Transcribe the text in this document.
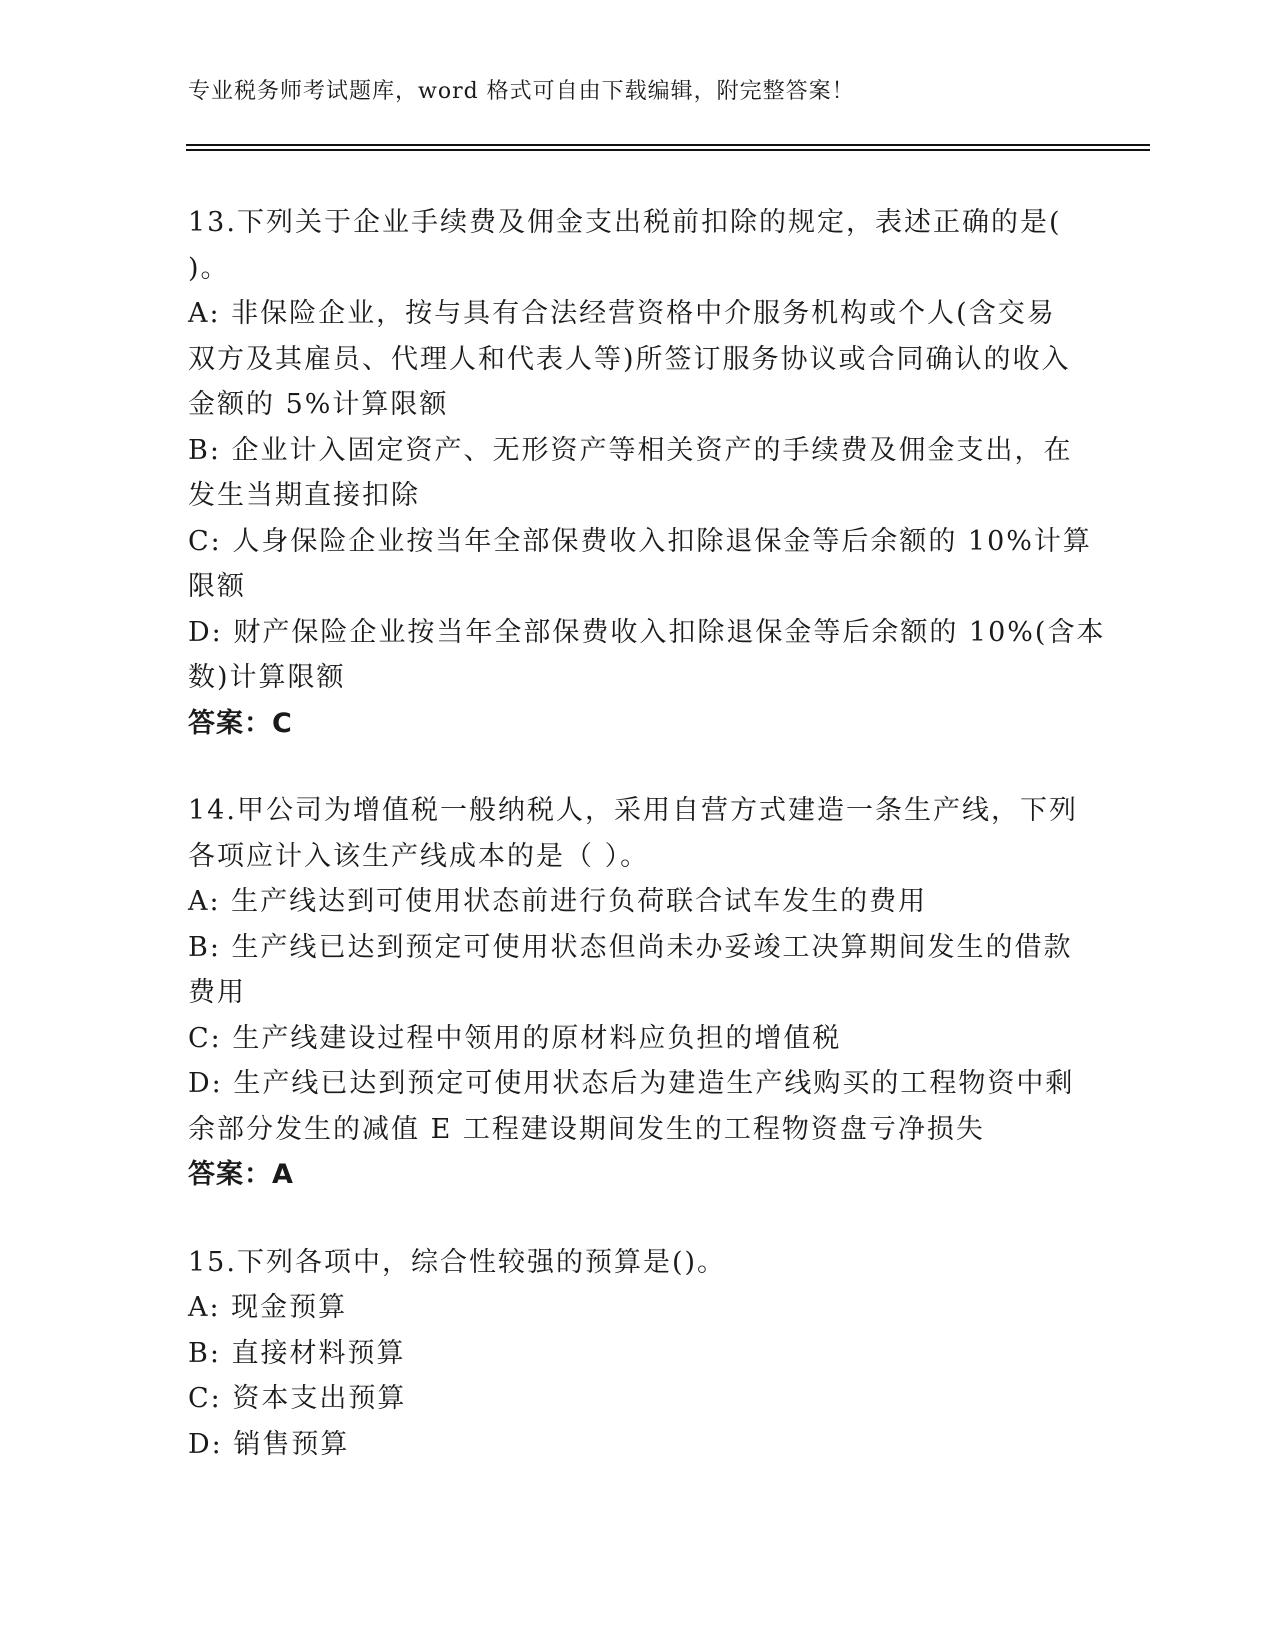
专业税务师考试题库，word 格式可自由下载编辑，附完整答案！
13.下列关于企业手续费及佣金支出税前扣除的规定，表述正确的是(
)。
A: 非保险企业，按与具有合法经营资格中介服务机构或个人(含交易
双方及其雇员、代理人和代表人等)所签订服务协议或合同确认的收入
金额的 5%计算限额
B: 企业计入固定资产、无形资产等相关资产的手续费及佣金支出，在
发生当期直接扣除
C: 人身保险企业按当年全部保费收入扣除退保金等后余额的 10%计算
限额
D: 财产保险企业按当年全部保费收入扣除退保金等后余额的 10%(含本
数)计算限额
答案：C
14.甲公司为增值税一般纳税人，采用自营方式建造一条生产线，下列
各项应计入该生产线成本的是（ ）。
A: 生产线达到可使用状态前进行负荷联合试车发生的费用
B: 生产线已达到预定可使用状态但尚未办妥竣工决算期间发生的借款
费用
C: 生产线建设过程中领用的原材料应负担的增值税
D: 生产线已达到预定可使用状态后为建造生产线购买的工程物资中剩
余部分发生的减值 E 工程建设期间发生的工程物资盘亏净损失
答案：A
15.下列各项中，综合性较强的预算是()。
A: 现金预算
B: 直接材料预算
C: 资本支出预算
D: 销售预算
